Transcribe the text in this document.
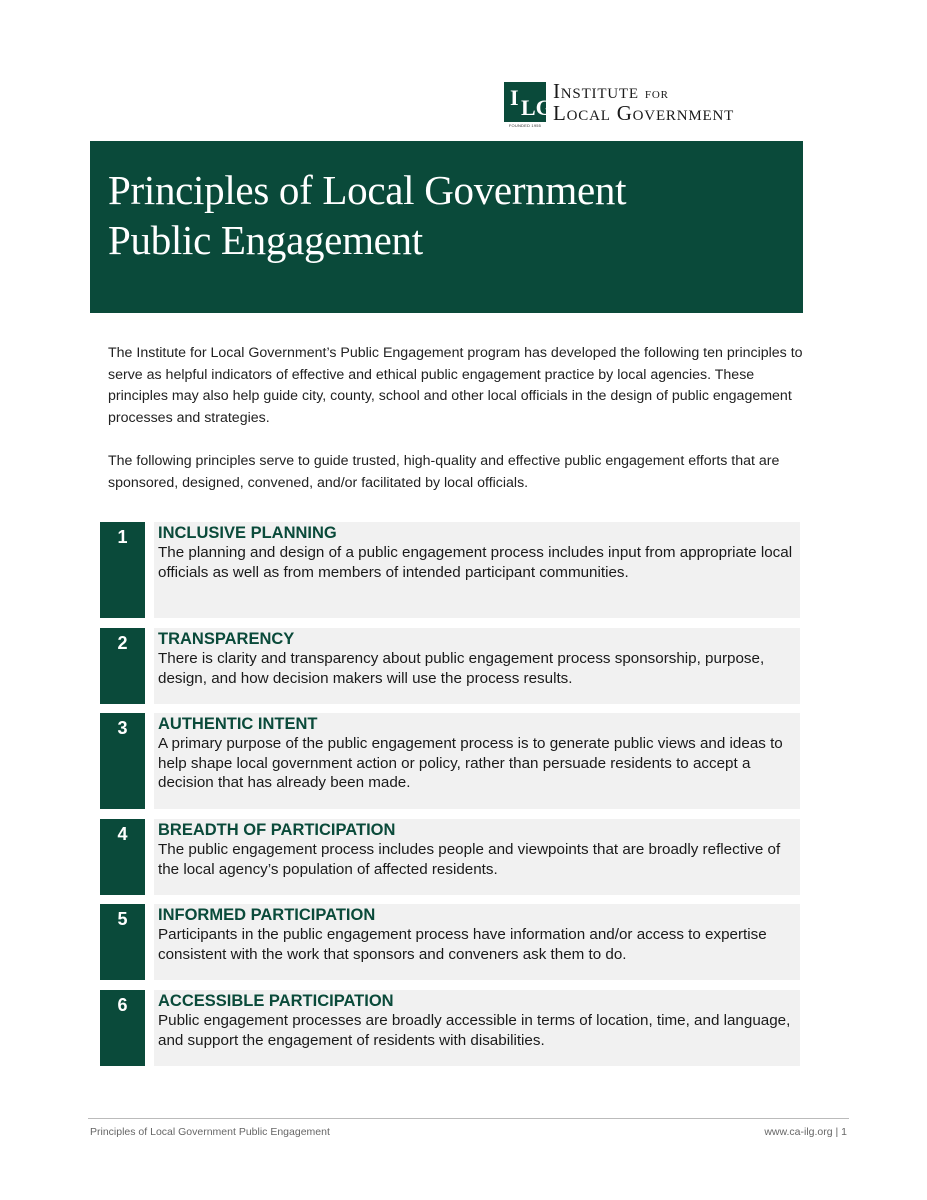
I LG
FOUNDED 1955
Institute for
Local Government
Principles of Local Government
Public Engagement

The Institute for Local Government’s Public Engagement program has developed the following ten principles to serve as helpful indicators of effective and ethical public engagement practice by local agencies. These principles may also help guide city, county, school and other local officials in the design of public engagement processes and strategies.

The following principles serve to guide trusted, high-quality and effective public engagement efforts that are sponsored, designed, convened, and/or facilitated by local officials.

1	INCLUSIVE PLANNING
The planning and design of a public engagement process includes input from appropriate local officials as well as from members of intended participant communities.
2	TRANSPARENCY
There is clarity and transparency about public engagement process sponsorship, purpose, design, and how decision makers will use the process results.
3	AUTHENTIC INTENT
A primary purpose of the public engagement process is to generate public views and ideas to help shape local government action or policy, rather than persuade residents to accept a decision that has already been made.
4	BREADTH OF PARTICIPATION
The public engagement process includes people and viewpoints that are broadly reflective of the local agency’s population of affected residents.
5	INFORMED PARTICIPATION
Participants in the public engagement process have information and/or access to expertise consistent with the work that sponsors and conveners ask them to do.
6	ACCESSIBLE PARTICIPATION
Public engagement processes are broadly accessible in terms of location, time, and language, and support the engagement of residents with disabilities.
Principles of Local Government Public Engagement	www.ca-ilg.org | 1
